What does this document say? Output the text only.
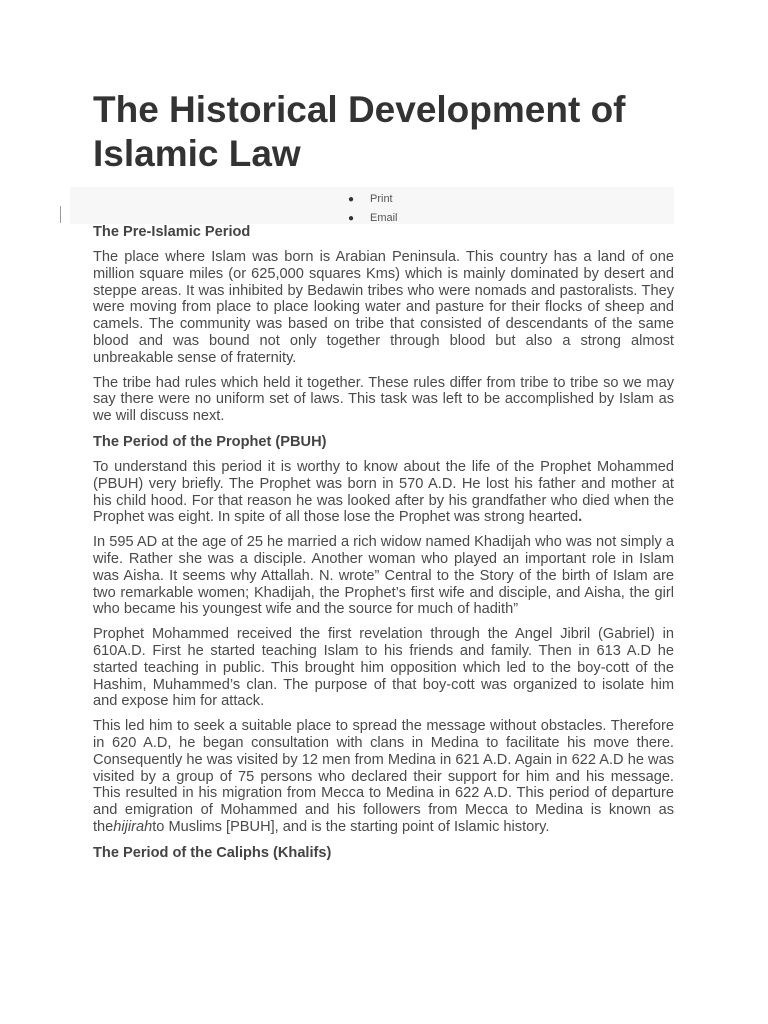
The Historical Development of Islamic Law
● Print
● Email
The Pre-Islamic Period

The place where Islam was born is Arabian Peninsula. This country has a land of one million square miles (or 625,000 squares Kms) which is mainly dominated by desert and steppe areas. It was inhibited by Bedawin tribes who were nomads and pastoralists. They were moving from place to place looking water and pasture for their flocks of sheep and camels. The community was based on tribe that consisted of descendants of the same blood and was bound not only together through blood but also a strong almost unbreakable sense of fraternity.

The tribe had rules which held it together. These rules differ from tribe to tribe so we may say there were no uniform set of laws. This task was left to be accomplished by Islam as we will discuss next.

The Period of the Prophet (PBUH)

To understand this period it is worthy to know about the life of the Prophet Mohammed (PBUH) very briefly. The Prophet was born in 570 A.D. He lost his father and mother at his child hood. For that reason he was looked after by his grandfather who died when the Prophet was eight. In spite of all those lose the Prophet was strong hearted.

In 595 AD at the age of 25 he married a rich widow named Khadijah who was not simply a wife. Rather she was a disciple. Another woman who played an important role in Islam was Aisha. It seems why Attallah. N. wrote” Central to the Story of the birth of Islam are two remarkable women; Khadijah, the Prophet’s first wife and disciple, and Aisha, the girl who became his youngest wife and the source for much of hadith”

Prophet Mohammed received the first revelation through the Angel Jibril (Gabriel) in 610A.D. First he started teaching Islam to his friends and family. Then in 613 A.D he started teaching in public. This brought him opposition which led to the boy-cott of the Hashim, Muhammed’s clan. The purpose of that boy-cott was organized to isolate him and expose him for attack.

This led him to seek a suitable place to spread the message without obstacles. Therefore in 620 A.D, he began consultation with clans in Medina to facilitate his move there. Consequently he was visited by 12 men from Medina in 621 A.D. Again in 622 A.D he was visited by a group of 75 persons who declared their support for him and his message. This resulted in his migration from Mecca to Medina in 622 A.D. This period of departure and emigration of Mohammed and his followers from Mecca to Medina is known as thehijirahto Muslims [PBUH], and is the starting point of Islamic history.

The Period of the Caliphs (Khalifs)
